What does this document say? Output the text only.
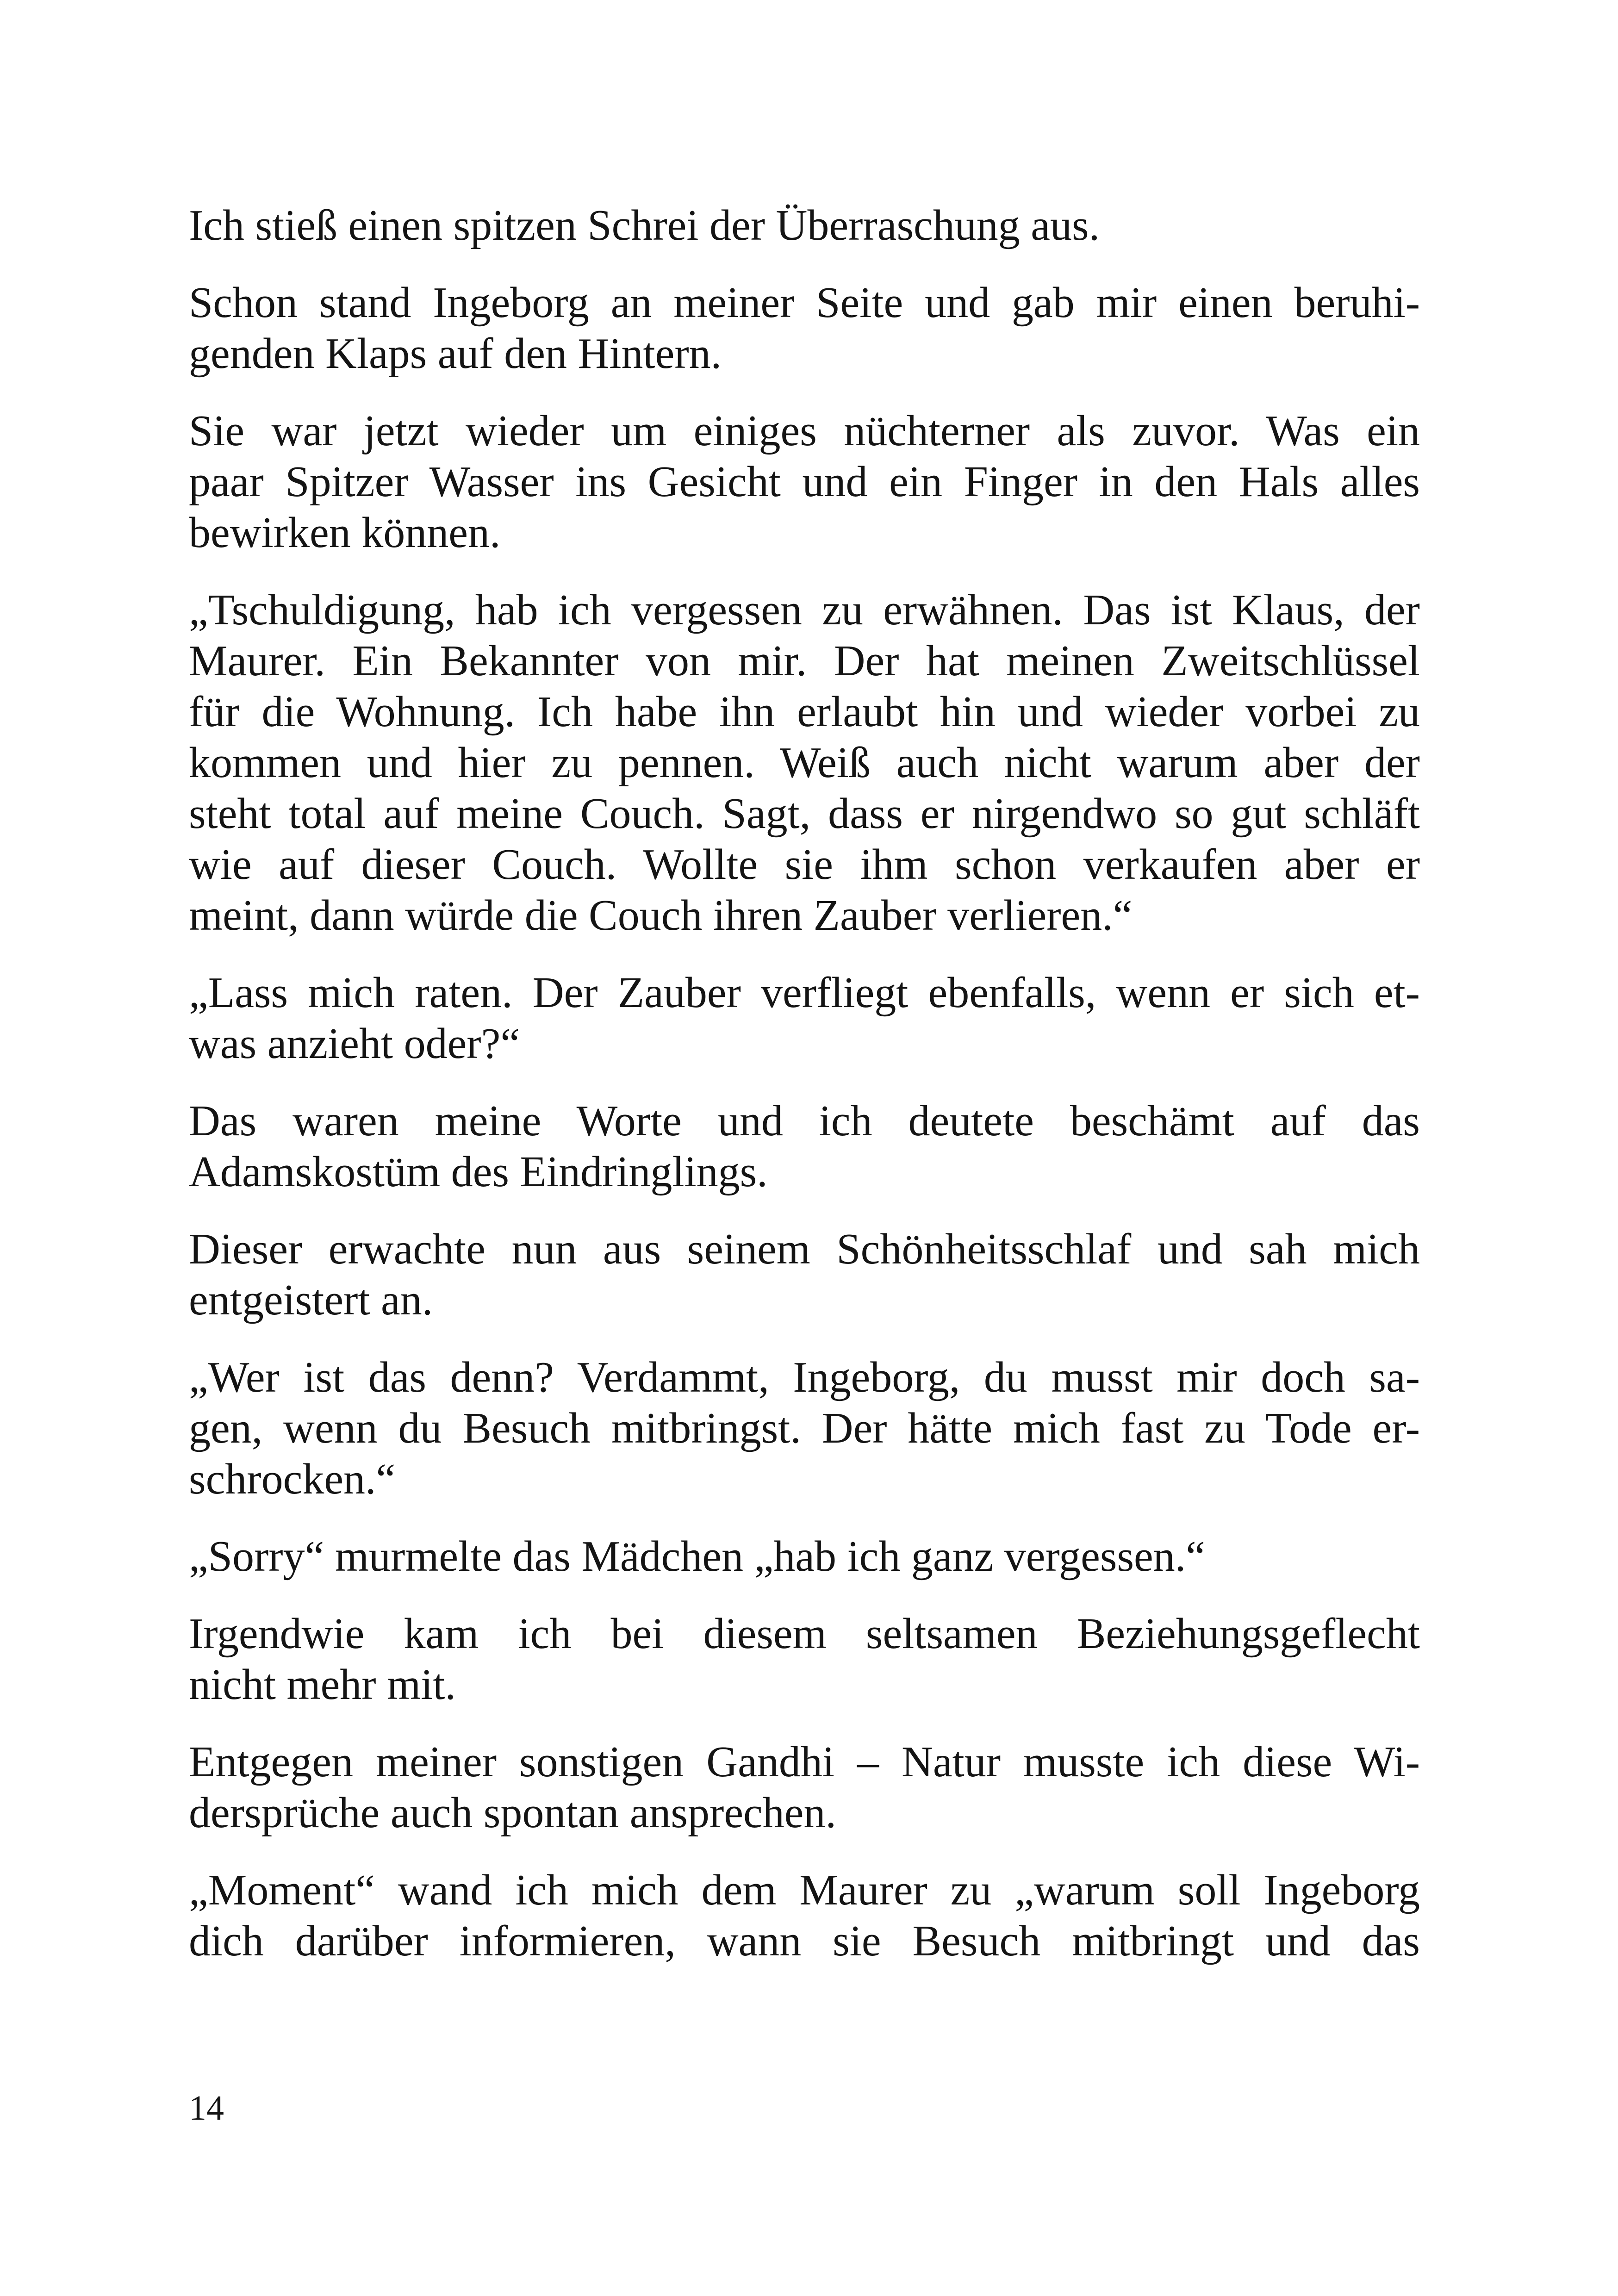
Ich stieß einen spitzen Schrei der Überraschung aus.

Schon stand Ingeborg an meiner Seite und gab mir einen beruhi-
genden Klaps auf den Hintern.

Sie war jetzt wieder um einiges nüchterner als zuvor. Was ein
paar Spitzer Wasser ins Gesicht und ein Finger in den Hals alles
bewirken können.

„Tschuldigung, hab ich vergessen zu erwähnen. Das ist Klaus, der
Maurer. Ein Bekannter von mir. Der hat meinen Zweitschlüssel
für die Wohnung. Ich habe ihn erlaubt hin und wieder vorbei zu
kommen und hier zu pennen. Weiß auch nicht warum aber der
steht total auf meine Couch. Sagt, dass er nirgendwo so gut schläft
wie auf dieser Couch. Wollte sie ihm schon verkaufen aber er
meint, dann würde die Couch ihren Zauber verlieren.“

„Lass mich raten. Der Zauber verfliegt ebenfalls, wenn er sich et-
was anzieht oder?“

Das waren meine Worte und ich deutete beschämt auf das
Adamskostüm des Eindringlings.

Dieser erwachte nun aus seinem Schönheitsschlaf und sah mich
entgeistert an.

„Wer ist das denn? Verdammt, Ingeborg, du musst mir doch sa-
gen, wenn du Besuch mitbringst. Der hätte mich fast zu Tode er-
schrocken.“

„Sorry“ murmelte das Mädchen „hab ich ganz vergessen.“

Irgendwie kam ich bei diesem seltsamen Beziehungsgeflecht
nicht mehr mit.

Entgegen meiner sonstigen Gandhi – Natur musste ich diese Wi-
dersprüche auch spontan ansprechen.

„Moment“ wand ich mich dem Maurer zu „warum soll Ingeborg
dich darüber informieren, wann sie Besuch mitbringt und das

14
